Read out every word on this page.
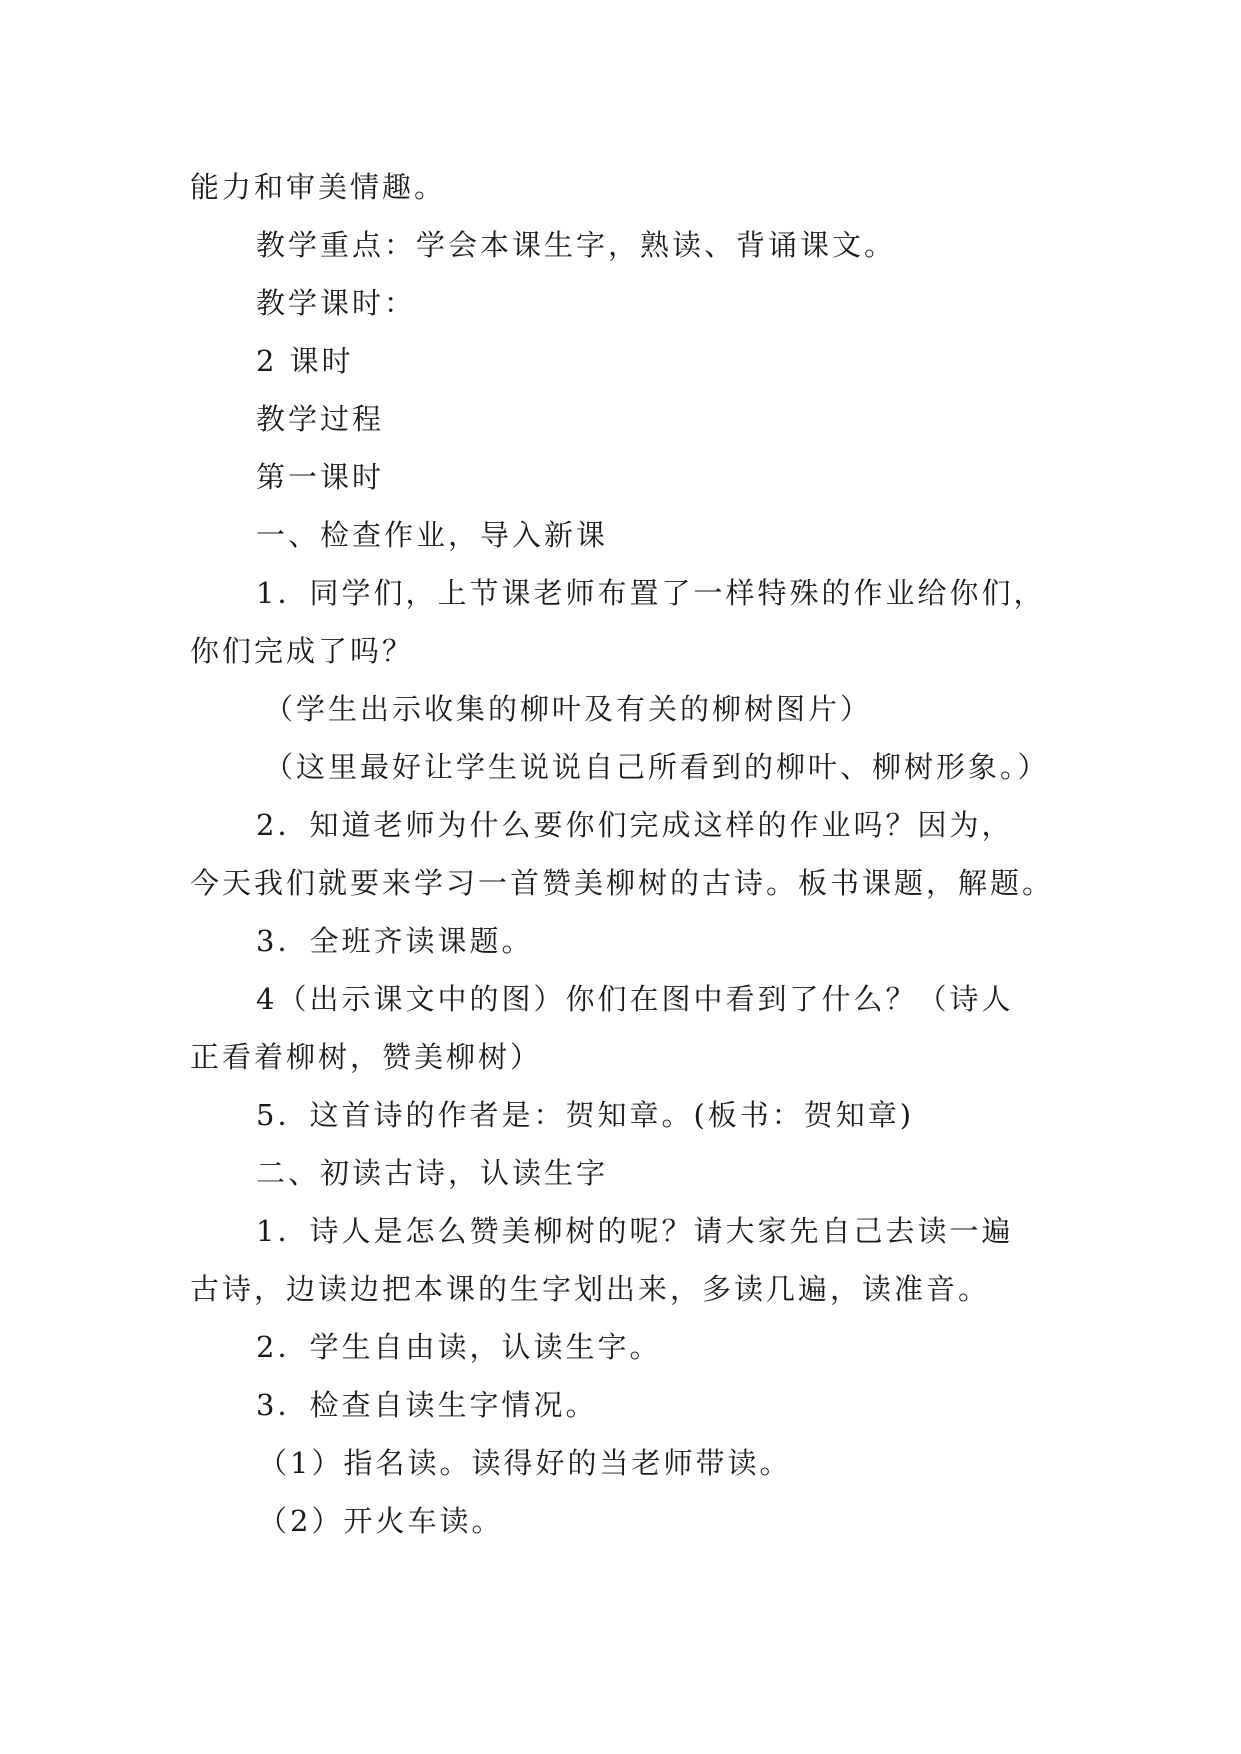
能力和审美情趣。
教学重点：学会本课生字，熟读、背诵课文。
教学课时：
2 课时
教学过程
第一课时
一、检查作业，导入新课
1．同学们，上节课老师布置了一样特殊的作业给你们，
你们完成了吗？
（学生出示收集的柳叶及有关的柳树图片）
（这里最好让学生说说自己所看到的柳叶、柳树形象。）
2．知道老师为什么要你们完成这样的作业吗？因为，
今天我们就要来学习一首赞美柳树的古诗。板书课题，解题。
3．全班齐读课题。
4（出示课文中的图）你们在图中看到了什么？（诗人
正看着柳树，赞美柳树）
5．这首诗的作者是：贺知章。(板书：贺知章)
二、初读古诗，认读生字
1．诗人是怎么赞美柳树的呢？请大家先自己去读一遍
古诗，边读边把本课的生字划出来，多读几遍，读准音。
2．学生自由读，认读生字。
3．检查自读生字情况。
（1）指名读。读得好的当老师带读。
（2）开火车读。
